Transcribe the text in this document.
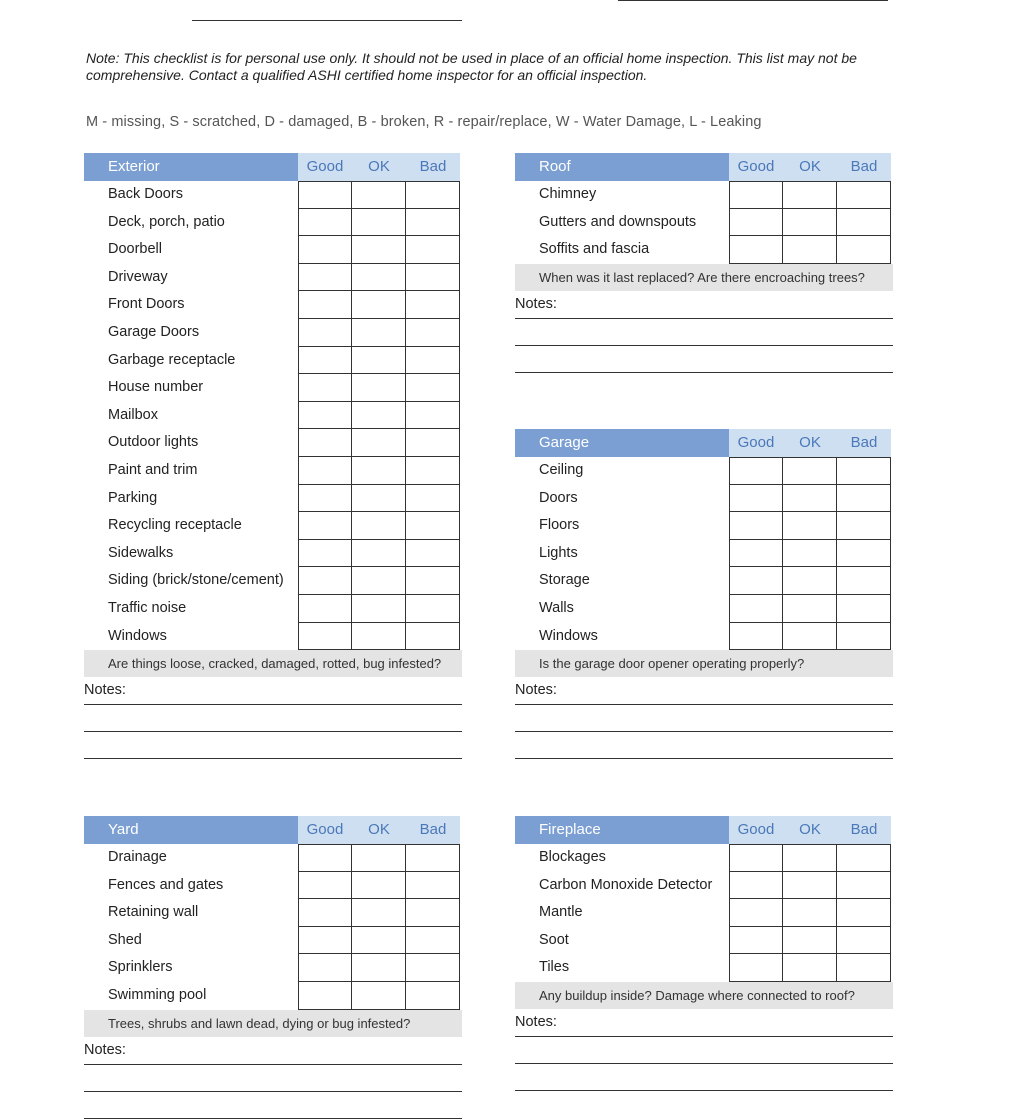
Note: This checklist is for personal use only. It should not be used in place of an official home inspection. This list may not be comprehensive. Contact a qualified ASHI certified home inspector for an official inspection.
M - missing, S - scratched, D - damaged, B - broken, R - repair/replace, W - Water Damage, L - Leaking
Exterior	Good	OK	Bad
Back Doors
Deck, porch, patio
Doorbell
Driveway
Front Doors
Garage Doors
Garbage receptacle
House number
Mailbox
Outdoor lights
Paint and trim
Parking
Recycling receptacle
Sidewalks
Siding (brick/stone/cement)
Traffic noise
Windows
Are things loose, cracked, damaged, rotted, bug infested?
Notes:
Roof	Good	OK	Bad
Chimney
Gutters and downspouts
Soffits and fascia
When was it last replaced? Are there encroaching trees?
Notes:
Garage	Good	OK	Bad
Ceiling
Doors
Floors
Lights
Storage
Walls
Windows
Is the garage door opener operating properly?
Notes:
Yard	Good	OK	Bad
Drainage
Fences and gates
Retaining wall
Shed
Sprinklers
Swimming pool
Trees, shrubs and lawn dead, dying or bug infested?
Notes:
Fireplace	Good	OK	Bad
Blockages
Carbon Monoxide Detector
Mantle
Soot
Tiles
Any buildup inside? Damage where connected to roof?
Notes:
